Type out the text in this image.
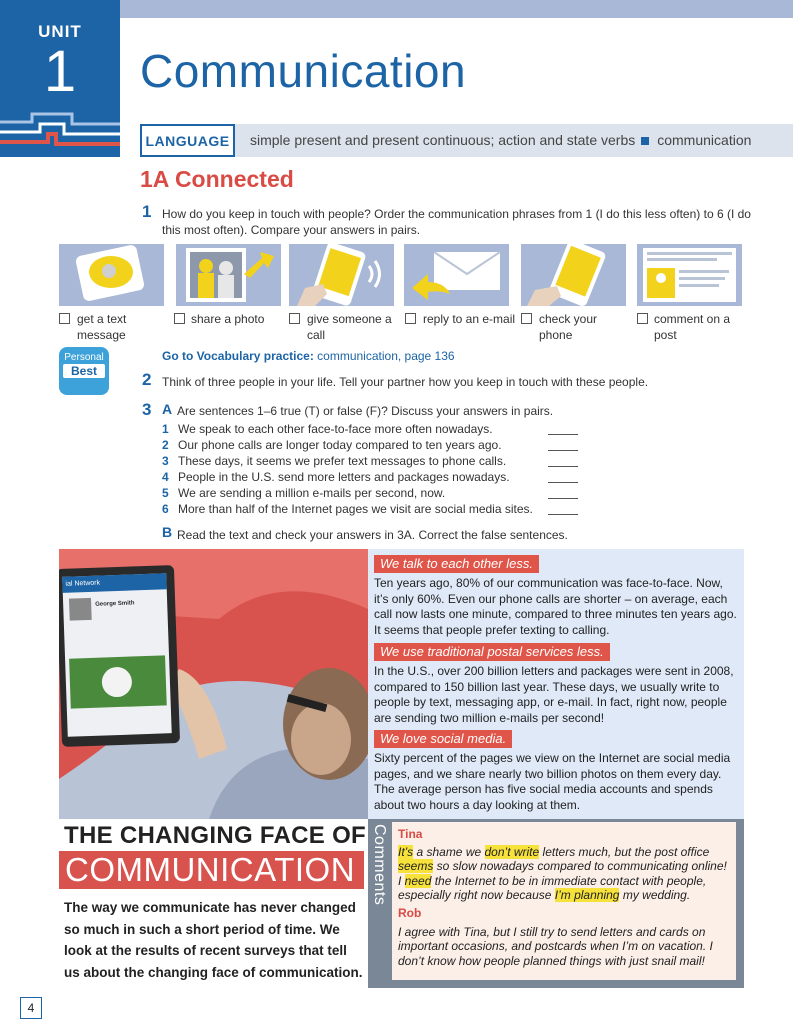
UNIT
1	Communication
LANGUAGE	simple present and present continuous; action and state verbs communication
1A Connected
1 How do you keep in touch with people? Order the communication phrases from 1 (I do this less often) to 6 (I do this most often). Compare your answers in pairs.
get a text message
share a photo	give someone a call
reply to an e-mail	check your phone
comment on a post
Personal
Best
Go to Vocabulary practice: communication, page 136
2 Think of three people in your life. Tell your partner how you keep in touch with these people.
3 A Are sentences 1–6 true (T) or false (F)? Discuss your answers in pairs.
1 We speak to each other face-to-face more often nowadays.
2 Our phone calls are longer today compared to ten years ago.
3 These days, it seems we prefer text messages to phone calls.
4 People in the U.S. send more letters and packages nowadays.
5 We are sending a million e-mails per second, now.
6 More than half of the Internet pages we visit are social media sites.
B Read the text and check your answers in 3A. Correct the false sentences.
ial Network
George Smith
We talk to each other less.
Ten years ago, 80% of our communication was face-to-face. Now, it’s only 60%. Even our phone calls are shorter – on average, each call now lasts one minute, compared to three minutes ten years ago. It seems that people prefer texting to calling.
We use traditional postal services less.
In the U.S., over 200 billion letters and packages were sent in 2008, compared to 150 billion last year. These days, we usually write to people by text, messaging app, or e-mail. In fact, right now, people are sending two million e-mails per second!
We love social media.
Sixty percent of the pages we view on the Internet are social media pages, and we share nearly two billion photos on them every day. The average person has five social media accounts and spends about two hours a day looking at them.
THE CHANGING FACE OF
COMMUNICATION
The way we communicate has never changed so much in such a short period of time. We look at the results of recent surveys that tell us about the changing face of communication.
Comments Tina
It’s a shame we don’t write letters much, but the post office seems so slow nowadays compared to communicating online! I need the Internet to be in immediate contact with people, especially right now because I’m planning my wedding.
Rob
I agree with Tina, but I still try to send letters and cards on important occasions, and postcards when I’m on vacation. I don’t know how people planned things with just snail mail!
4
